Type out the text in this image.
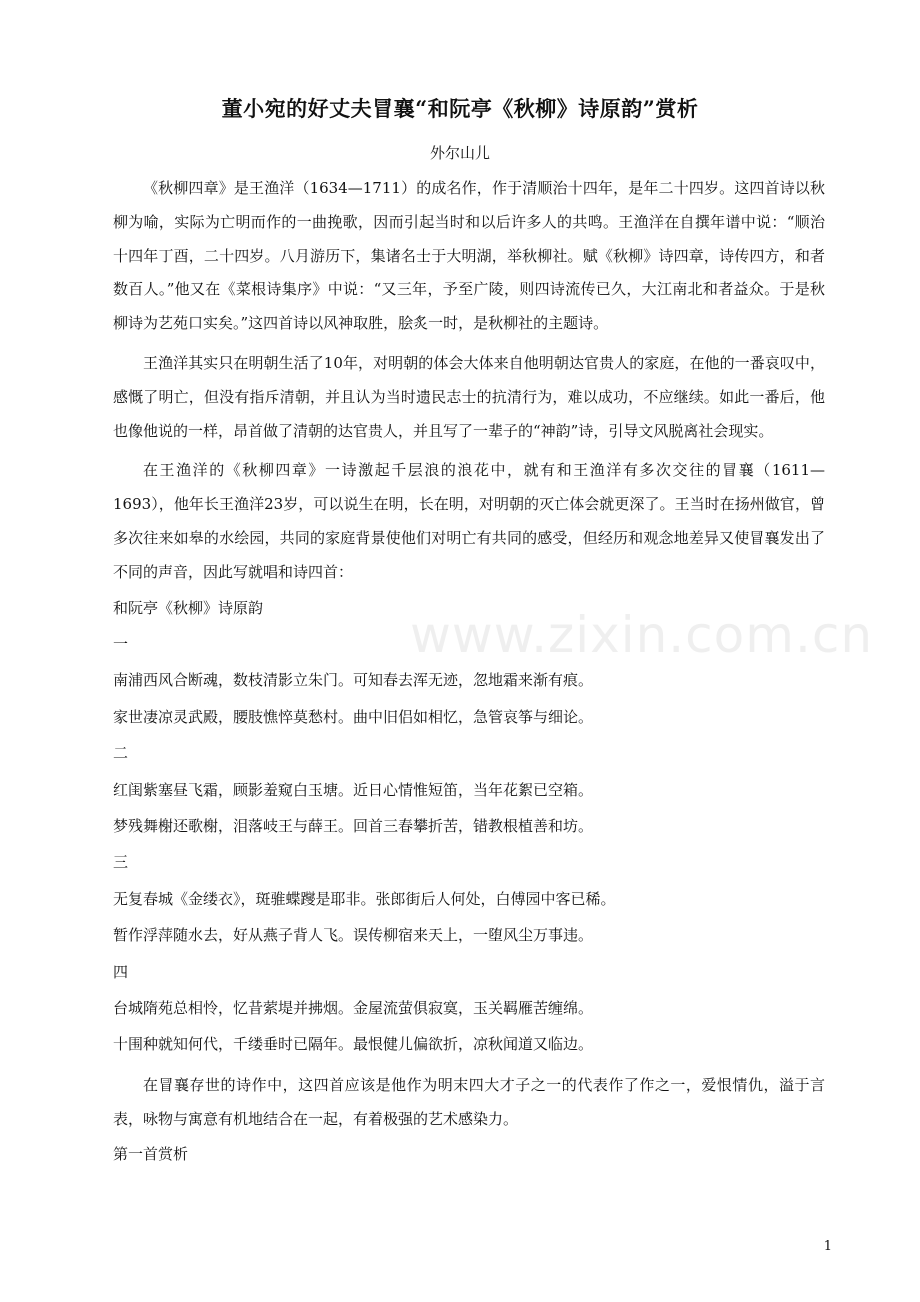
董小宛的好丈夫冒襄“和阮亭《秋柳》诗原韵”赏析
外尔山儿

《秋柳四章》是王渔洋（1634—1711）的成名作，作于清顺治十四年，是年二十四岁。这四首诗以秋柳为喻，实际为亡明而作的一曲挽歌，因而引起当时和以后许多人的共鸣。王渔洋在自撰年谱中说：“顺治十四年丁酉，二十四岁。八月游历下，集诸名士于大明湖，举秋柳社。赋《秋柳》诗四章，诗传四方，和者数百人。”他又在《菜根诗集序》中说：“又三年，予至广陵，则四诗流传已久，大江南北和者益众。于是秋柳诗为艺苑口实矣。”这四首诗以风神取胜，脍炙一时，是秋柳社的主题诗。

王渔洋其实只在明朝生活了10年，对明朝的体会大体来自他明朝达官贵人的家庭，在他的一番哀叹中，感慨了明亡，但没有指斥清朝，并且认为当时遗民志士的抗清行为，难以成功，不应继续。如此一番后，他也像他说的一样，昂首做了清朝的达官贵人，并且写了一辈子的“神韵”诗，引导文风脱离社会现实。

在王渔洋的《秋柳四章》一诗激起千层浪的浪花中，就有和王渔洋有多次交往的冒襄（1611—1693），他年长王渔洋23岁，可以说生在明，长在明，对明朝的灭亡体会就更深了。王当时在扬州做官，曾多次往来如皋的水绘园，共同的家庭背景使他们对明亡有共同的感受，但经历和观念地差异又使冒襄发出了不同的声音，因此写就唱和诗四首：

和阮亭《秋柳》诗原韵
一
南浦西风合断魂，数枝清影立朱门。可知春去浑无迹，忽地霜来渐有痕。
家世凄凉灵武殿，腰肢憔悴莫愁村。曲中旧侣如相忆，急管哀筝与细论。
二
红闺紫塞昼飞霜，顾影羞窥白玉塘。近日心情惟短笛，当年花絮已空箱。
梦残舞榭还歌榭，泪落岐王与薛王。回首三春攀折苦，错教根植善和坊。
三
无复春城《金缕衣》，斑骓蝶躞是耶非。张郎街后人何处，白傅园中客已稀。
暂作浮萍随水去，好从燕子背人飞。误传柳宿来天上，一堕风尘万事违。
四
台城隋苑总相怜，忆昔萦堤并拂烟。金屋流萤俱寂寞，玉关羁雁苦缠绵。
十围种就知何代，千缕垂时已隔年。最恨健儿偏欲折，凉秋闻道又临边。

在冒襄存世的诗作中，这四首应该是他作为明末四大才子之一的代表作了作之一，爱恨情仇，溢于言表，咏物与寓意有机地结合在一起，有着极强的艺术感染力。

第一首赏析
www.zixin.com.cn
1
